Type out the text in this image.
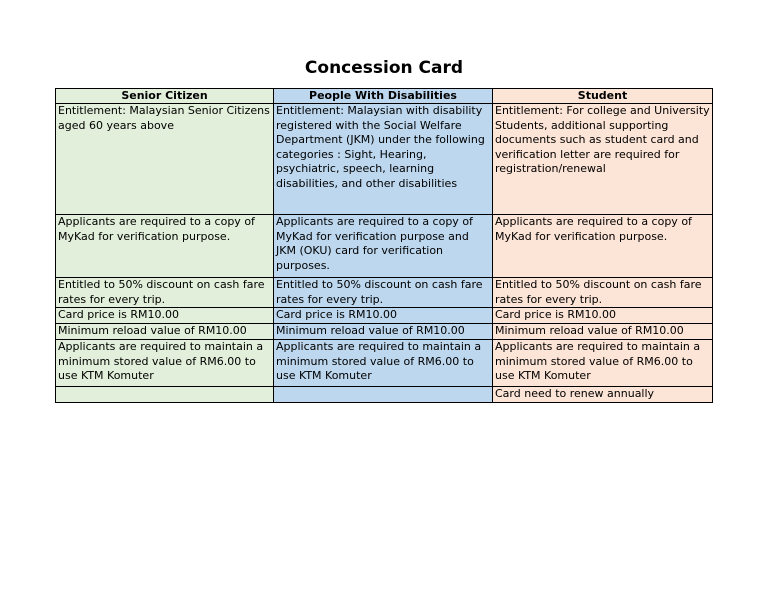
Concession Card
Senior Citizen	People With Disabilities	Student
Entitlement: Malaysian Senior Citizens aged 60 years above	Entitlement: Malaysian with disability registered with the Social Welfare Department (JKM) under the following categories : Sight, Hearing, psychiatric, speech, learning disabilities, and other disabilities	Entitlement: For college and University Students, additional supporting documents such as student card and verification letter are required for registration/renewal
Applicants are required to a copy of MyKad for verification purpose.	Applicants are required to a copy of MyKad for verification purpose and JKM (OKU) card for verification purposes.	Applicants are required to a copy of MyKad for verification purpose.
Entitled to 50% discount on cash fare rates for every trip.	Entitled to 50% discount on cash fare rates for every trip.	Entitled to 50% discount on cash fare rates for every trip.
Card price is RM10.00	Card price is RM10.00	Card price is RM10.00
Minimum reload value of RM10.00	Minimum reload value of RM10.00	Minimum reload value of RM10.00
Applicants are required to maintain a minimum stored value of RM6.00 to use KTM Komuter	Applicants are required to maintain a minimum stored value of RM6.00 to use KTM Komuter	Applicants are required to maintain a minimum stored value of RM6.00 to use KTM Komuter
		Card need to renew annually
